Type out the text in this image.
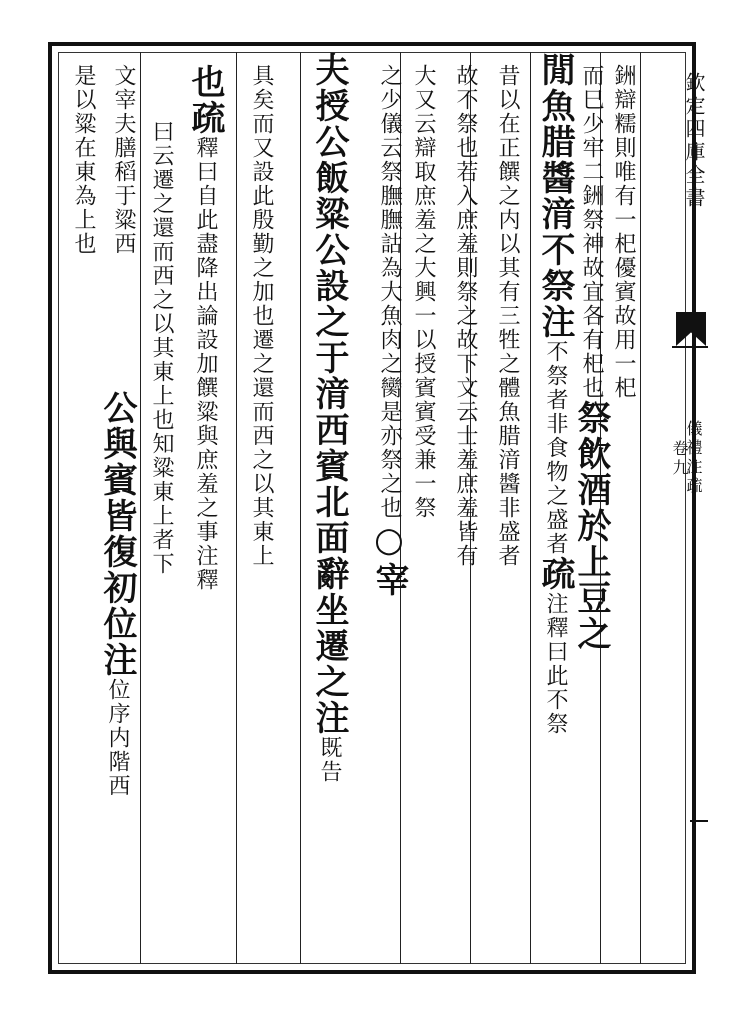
欽定四庫全書
儀禮注疏
卷九
銂辯糯則唯有一𣏌優賓故用一𣏌
而巳少牢二銂祭神故宜各有𣏌也祭飲酒於上豆之
閒魚腊醬湇不祭注不祭者非食物之盛者疏注釋曰此不祭
昔以在正饌之内以其有三牲之體魚腊湇醬非盛者
故不祭也若入庶羞則祭之故下文云士羞庶羞皆有
大又云辯取庶羞之大興一以授賓賓受兼一祭
之少儀云祭膴膴詁為大魚肉之臠是亦祭之也○宰
夫授公飯粱公設之于湇西賓北面辭坐遷之注既告
具矣而又設此殷勤之加也遷之還而西之以其東上
也疏釋曰自此盡降出論設加饌粱與庶羞之事注釋
曰云遷之還而西之以其東上也知粱東上者下
文宰夫膳稻于粱西
公與賓皆復初位注位序内階西
是以粱在東為上也
